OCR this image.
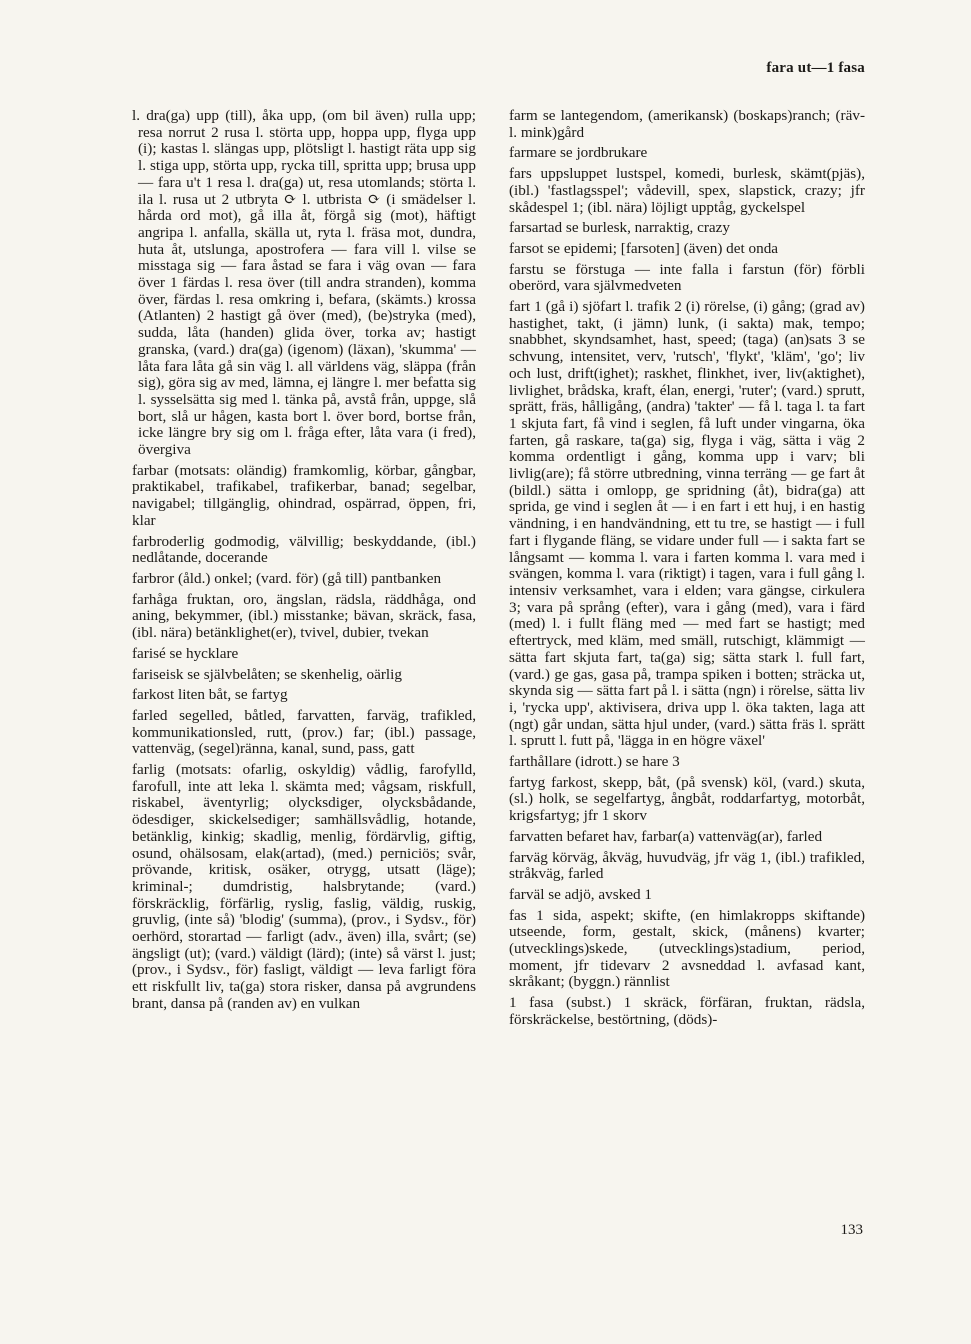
fara ut—1 fasa

l. dra(ga) upp (till), åka upp, (om bil även) rulla upp; resa norrut 2 rusa l. störta upp, hoppa upp, flyga upp (i); kastas l. slängas upp, plötsligt l. hastigt räta upp sig l. stiga upp, störta upp, rycka till, spritta upp; brusa upp — fara u't 1 resa l. dra(ga) ut, resa utomlands; störta l. ila l. rusa ut 2 utbryta ⟳ l. utbrista ⟳ (i smädelser l. hårda ord mot), gå illa åt, förgå sig (mot), häftigt angripa l. anfalla, skälla ut, ryta l. fräsa mot, dundra, huta åt, utslunga, apostrofera — fara vill l. vilse se misstaga sig — fara åstad se fara i väg ovan — fara över 1 färdas l. resa över (till andra stranden), komma över, färdas l. resa omkring i, befara, (skämts.) krossa (Atlanten) 2 hastigt gå över (med), (be)stryka (med), sudda, låta (handen) glida över, torka av; hastigt granska, (vard.) dra(ga) (igenom) (läxan), 'skumma' — låta fara låta gå sin väg l. all världens väg, släppa (från sig), göra sig av med, lämna, ej längre l. mer befatta sig l. sysselsätta sig med l. tänka på, avstå från, uppge, slå bort, slå ur hågen, kasta bort l. över bord, bortse från, icke längre bry sig om l. fråga efter, låta vara (i fred), övergiva

farbar (motsats: oländig) framkomlig, körbar, gångbar, praktikabel, trafikabel, trafikerbar, banad; segelbar, navigabel; tillgänglig, ohindrad, ospärrad, öppen, fri, klar

farbroderlig godmodig, välvillig; beskyddande, (ibl.) nedlåtande, docerande

farbror (åld.) onkel; (vard. för) (gå till) pantbanken

farhåga fruktan, oro, ängslan, rädsla, räddhåga, ond aning, bekymmer, (ibl.) misstanke; bävan, skräck, fasa, (ibl. nära) betänklighet(er), tvivel, dubier, tvekan

farisé se hycklare

fariseisk se självbelåten; se skenhelig, oärlig

farkost liten båt, se fartyg

farled segelled, båtled, farvatten, farväg, trafikled, kommunikationsled, rutt, (prov.) far; (ibl.) passage, vattenväg, (segel)ränna, kanal, sund, pass, gatt

farlig (motsats: ofarlig, oskyldig) vådlig, farofylld, farofull, inte att leka l. skämta med; vågsam, riskfull, riskabel, äventyrlig; olycksdiger, olycksbådande, ödesdiger, skickelsediger; samhällsvådlig, hotande, betänklig, kinkig; skadlig, menlig, fördärvlig, giftig, osund, ohälsosam, elak(artad), (med.) perniciös; svår, prövande, kritisk, osäker, otrygg, utsatt (läge); kriminal-; dumdristig, halsbrytande; (vard.) förskräcklig, förfärlig, ryslig, faslig, väldig, ruskig, gruvlig, (inte så) 'blodig' (summa), (prov., i Sydsv., för) oerhörd, storartad — farligt (adv., även) illa, svårt; (se) ängsligt (ut); (vard.) väldigt (lärd); (inte) så värst l. just; (prov., i Sydsv., för) fasligt, väldigt — leva farligt föra ett riskfullt liv, ta(ga) stora risker, dansa på avgrundens brant, dansa på (randen av) en vulkan

farm se lantegendom, (amerikansk) (boskaps)ranch; (räv- l. mink)gård

farmare se jordbrukare

fars uppsluppet lustspel, komedi, burlesk, skämt(pjäs), (ibl.) 'fastlagsspel'; vådevill, spex, slapstick, crazy; jfr skådespel 1; (ibl. nära) löjligt upptåg, gyckelspel

farsartad se burlesk, narraktig, crazy

farsot se epidemi; [farsoten] (även) det onda

farstu se förstuga — inte falla i farstun (för) förbli oberörd, vara självmedveten

fart 1 (gå i) sjöfart l. trafik 2 (i) rörelse, (i) gång; (grad av) hastighet, takt, (i jämn) lunk, (i sakta) mak, tempo; snabbhet, skyndsamhet, hast, speed; (taga) (an)sats 3 se schvung, intensitet, verv, 'rutsch', 'flykt', 'kläm', 'go'; liv och lust, drift(ighet); raskhet, flinkhet, iver, liv(aktighet), livlighet, brådska, kraft, élan, energi, 'ruter'; (vard.) sprutt, sprätt, fräs, hålligång, (andra) 'takter' — få l. taga l. ta fart 1 skjuta fart, få vind i seglen, få luft under vingarna, öka farten, gå raskare, ta(ga) sig, flyga i väg, sätta i väg 2 komma ordentligt i gång, komma upp i varv; bli livlig(are); få större utbredning, vinna terräng — ge fart åt (bildl.) sätta i omlopp, ge spridning (åt), bidra(ga) att sprida, ge vind i seglen åt — i en fart i ett huj, i en hastig vändning, i en handvändning, ett tu tre, se hastigt — i full fart i flygande fläng, se vidare under full — i sakta fart se långsamt — komma l. vara i farten komma l. vara med i svängen, komma l. vara (riktigt) i tagen, vara i full gång l. intensiv verksamhet, vara i elden; vara gängse, cirkulera 3; vara på språng (efter), vara i gång (med), vara i färd (med) l. i fullt fläng med — med fart se hastigt; med eftertryck, med kläm, med smäll, rutschigt, klämmigt — sätta fart skjuta fart, ta(ga) sig; sätta stark l. full fart, (vard.) ge gas, gasa på, trampa spiken i botten; sträcka ut, skynda sig — sätta fart på l. i sätta (ngn) i rörelse, sätta liv i, 'rycka upp', aktivisera, driva upp l. öka takten, laga att (ngt) går undan, sätta hjul under, (vard.) sätta fräs l. sprätt l. sprutt l. futt på, 'lägga in en högre växel'

farthållare (idrott.) se hare 3

fartyg farkost, skepp, båt, (på svensk) köl, (vard.) skuta, (sl.) holk, se segelfartyg, ångbåt, roddarfartyg, motorbåt, krigsfartyg; jfr 1 skorv

farvatten befaret hav, farbar(a) vattenväg(ar), farled

farväg körväg, åkväg, huvudväg, jfr väg 1, (ibl.) trafikled, stråkväg, farled

farväl se adjö, avsked 1

fas 1 sida, aspekt; skifte, (en himlakropps skiftande) utseende, form, gestalt, skick, (månens) kvarter; (utvecklings)skede, (utvecklings)stadium, period, moment, jfr tidevarv 2 avsneddad l. avfasad kant, skråkant; (byggn.) rännlist

1 fasa (subst.) 1 skräck, förfäran, fruktan, rädsla, förskräckelse, bestörtning, (döds)-

133
